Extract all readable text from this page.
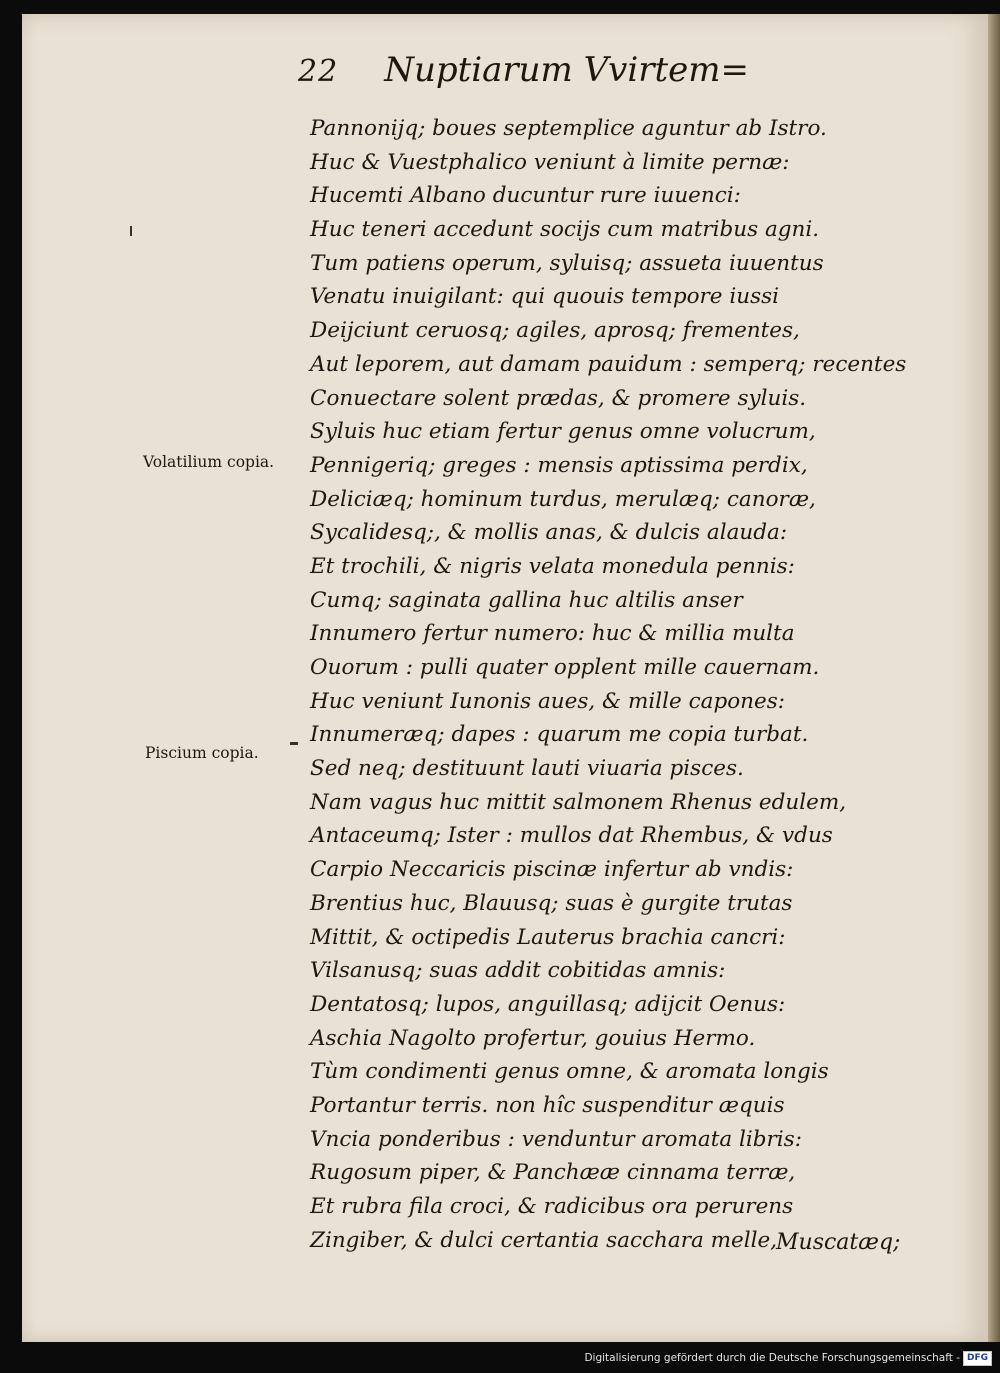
22 Nuptiarum Vvirtem=
Pannonijq; boues septemplice aguntur ab Istro.
Huc & Vuestphalico veniunt à limite pernæ:
Hucemti Albano ducuntur rure iuuenci:
Huc teneri accedunt socijs cum matribus agni.
Tum patiens operum, syluisq; assueta iuuentus
Venatu inuigilant: qui quouis tempore iussi
Deijciunt ceruosq; agiles, aprosq; frementes,
Aut leporem, aut damam pauidum : semperq; recentes
Conuectare solent prædas, & promere syluis.
Syluis huc etiam fertur genus omne volucrum,
Pennigeriq; greges : mensis aptissima perdix,
Deliciæq; hominum turdus, merulæq; canoræ,
Sycalidesq;, & mollis anas, & dulcis alauda:
Et trochili, & nigris velata monedula pennis:
Cumq; saginata gallina huc altilis anser
Innumero fertur numero: huc & millia multa
Ouorum : pulli quater opplent mille cauernam.
Huc veniunt Iunonis aues, & mille capones:
Innumeræq; dapes : quarum me copia turbat.
Sed neq; destituunt lauti viuaria pisces.
Nam vagus huc mittit salmonem Rhenus edulem,
Antaceumq; Ister : mullos dat Rhembus, & vdus
Carpio Neccaricis piscinæ infertur ab vndis:
Brentius huc, Blauusq; suas è gurgite trutas
Mittit, & octipedis Lauterus brachia cancri:
Vilsanusq; suas addit cobitidas amnis:
Dentatosq; lupos, anguillasq; adijcit Oenus:
Aschia Nagolto profertur, gouius Hermo.
Tùm condimenti genus omne, & aromata longis
Portantur terris. non hîc suspenditur æquis
Vncia ponderibus : venduntur aromata libris:
Rugosum piper, & Panchææ cinnama terræ,
Et rubra fila croci, & radicibus ora perurens
Zingiber, & dulci certantia sacchara melle,
Volatilium copia.
Piscium copia.
Muscatæq;
Digitalisierung gefördert durch die Deutsche Forschungsgemeinschaft - DFG
